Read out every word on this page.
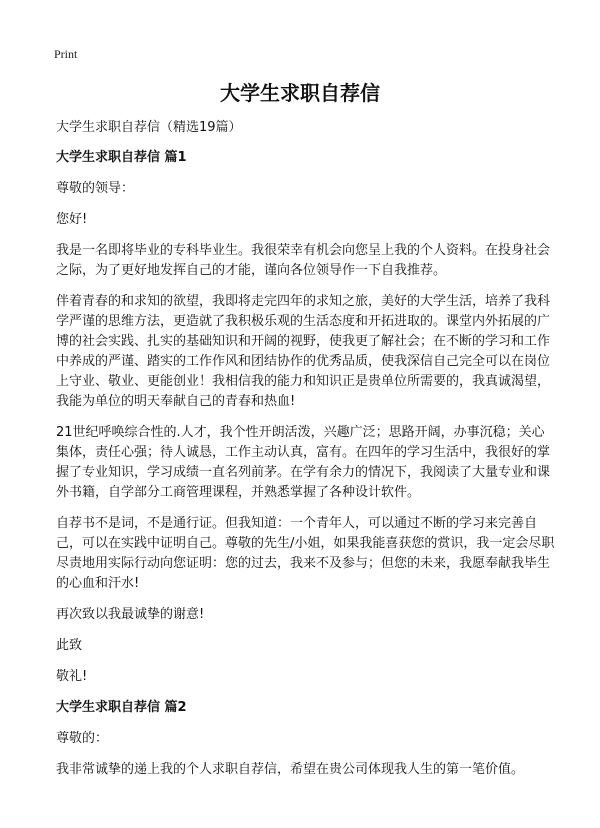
Print
大学生求职自荐信

大学生求职自荐信（精选19篇）

大学生求职自荐信 篇1

尊敬的领导：

您好!

我是一名即将毕业的专科毕业生。我很荣幸有机会向您呈上我的个人资料。在投身社会之际，为了更好地发挥自己的才能，谨向各位领导作一下自我推荐。

伴着青春的和求知的欲望，我即将走完四年的求知之旅，美好的大学生活，培养了我科学严谨的思维方法，更造就了我积极乐观的生活态度和开拓进取的。课堂内外拓展的广博的社会实践、扎实的基础知识和开阔的视野，使我更了解社会；在不断的学习和工作中养成的严谨、踏实的工作作风和团结协作的优秀品质，使我深信自己完全可以在岗位上守业、敬业、更能创业！我相信我的能力和知识正是贵单位所需要的，我真诚渴望，我能为单位的明天奉献自己的青春和热血!

21世纪呼唤综合性的.人才，我个性开朗活泼，兴趣广泛；思路开阔，办事沉稳；关心集体，责任心强；待人诚恳，工作主动认真，富有。在四年的学习生活中，我很好的掌握了专业知识，学习成绩一直名列前茅。在学有余力的情况下，我阅读了大量专业和课外书籍，自学部分工商管理课程，并熟悉掌握了各种设计软件。

自荐书不是词，不是通行证。但我知道：一个青年人，可以通过不断的学习来完善自己，可以在实践中证明自己。尊敬的先生/小姐，如果我能喜获您的赏识，我一定会尽职尽责地用实际行动向您证明：您的过去，我来不及参与；但您的未来，我愿奉献我毕生的心血和汗水!

再次致以我最诚挚的谢意!

此致

敬礼!

大学生求职自荐信 篇2

尊敬的：

我非常诚挚的递上我的个人求职自荐信，希望在贵公司体现我人生的第一笔价值。
